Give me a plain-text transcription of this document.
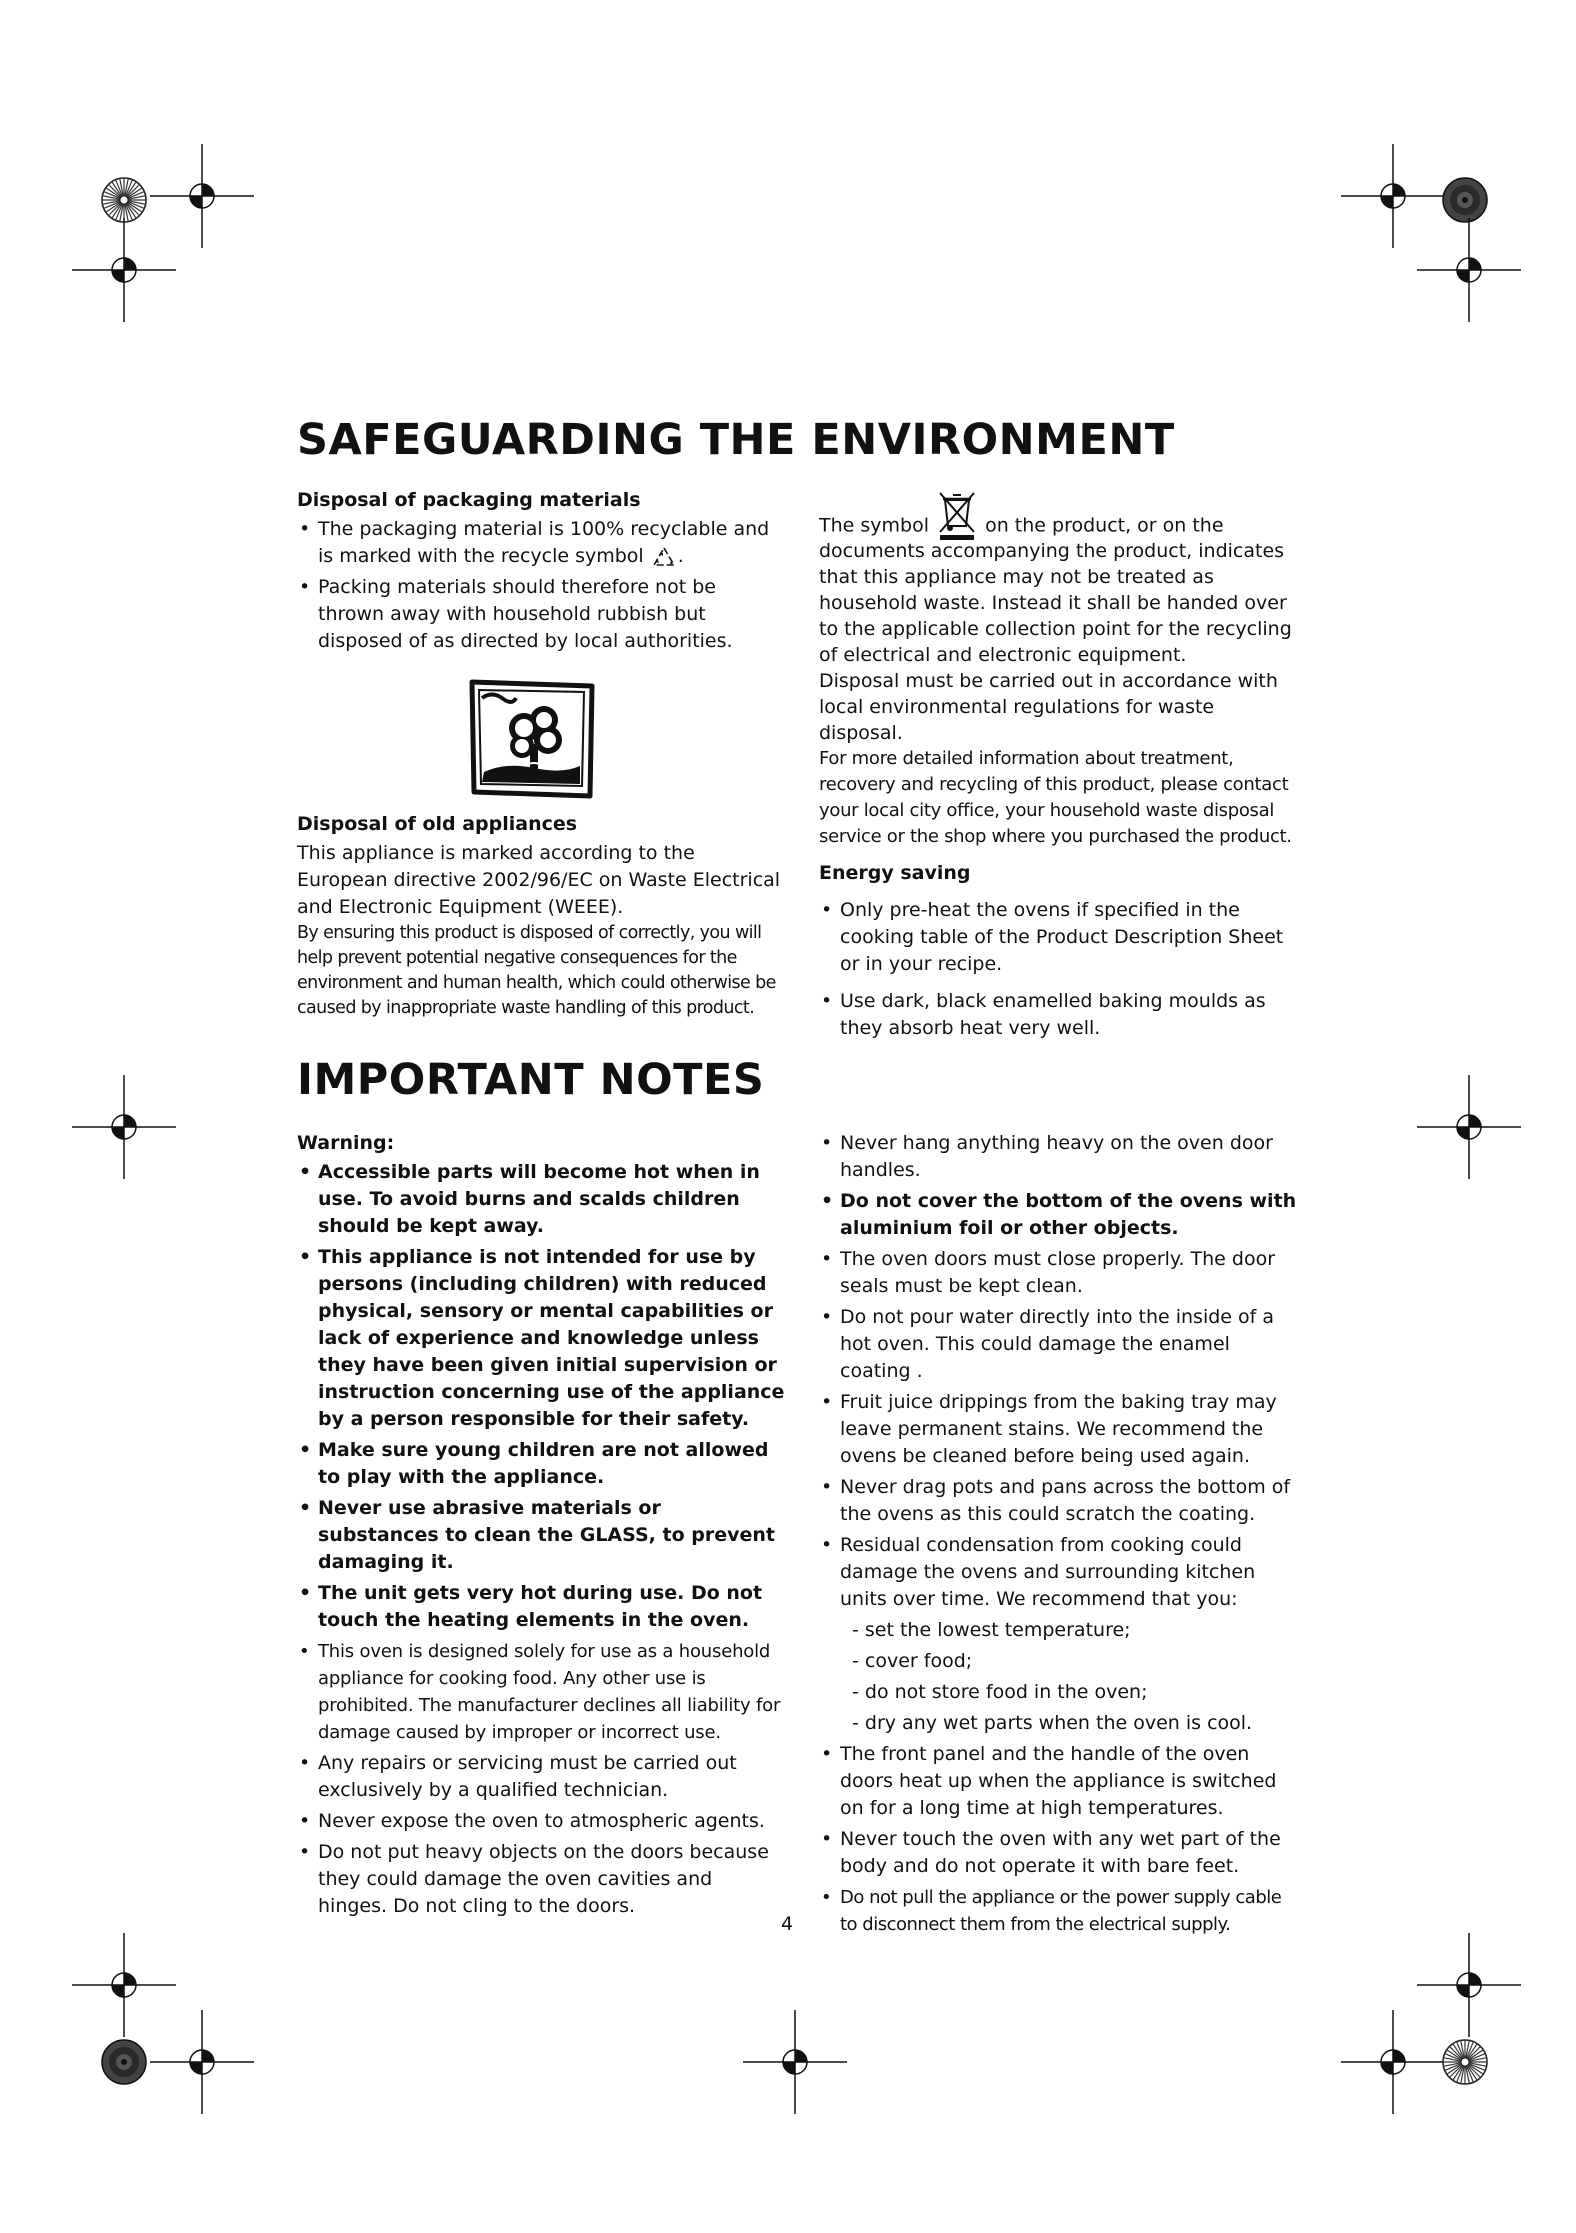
SAFEGUARDING THE ENVIRONMENT
Disposal of packaging materials
• The packaging material is 100% recyclable and is marked with the recycle symbol .
• Packing materials should therefore not be thrown away with household rubbish but disposed of as directed by local authorities.
Disposal of old appliances

This appliance is marked according to the European directive 2002/96/EC on Waste Electrical and Electronic Equipment (WEEE).

By ensuring this product is disposed of correctly, you will help prevent potential negative consequences for the environment and human health, which could otherwise be caused by inappropriate waste handling of this product.

The symbol	on the product, or on the

documents accompanying the product, indicates that this appliance may not be treated as household waste. Instead it shall be handed over to the applicable collection point for the recycling of electrical and electronic equipment.

Disposal must be carried out in accordance with local environmental regulations for waste disposal.

For more detailed information about treatment, recovery and recycling of this product, please contact your local city office, your household waste disposal service or the shop where you purchased the product.

Energy saving
• Only pre-heat the ovens if specified in the cooking table of the Product Description Sheet or in your recipe.
• Use dark, black enamelled baking moulds as they absorb heat very well.
IMPORTANT NOTES
Warning:
• Accessible parts will become hot when in use. To avoid burns and scalds children should be kept away.
• This appliance is not intended for use by persons (including children) with reduced physical, sensory or mental capabilities or lack of experience and knowledge unless they have been given initial supervision or instruction concerning use of the appliance by a person responsible for their safety.
• Make sure young children are not allowed to play with the appliance.
• Never use abrasive materials or substances to clean the GLASS, to prevent damaging it.
• The unit gets very hot during use. Do not touch the heating elements in the oven.
• This oven is designed solely for use as a household appliance for cooking food. Any other use is prohibited. The manufacturer declines all liability for damage caused by improper or incorrect use.
• Any repairs or servicing must be carried out exclusively by a qualified technician.
• Never expose the oven to atmospheric agents.
• Do not put heavy objects on the doors because they could damage the oven cavities and hinges. Do not cling to the doors.
• Never hang anything heavy on the oven door handles.
• Do not cover the bottom of the ovens with aluminium foil or other objects.
• The oven doors must close properly. The door seals must be kept clean.
• Do not pour water directly into the inside of a hot oven. This could damage the enamel coating .
• Fruit juice drippings from the baking tray may leave permanent stains. We recommend the ovens be cleaned before being used again.
• Never drag pots and pans across the bottom of the ovens as this could scratch the coating.
• Residual condensation from cooking could damage the ovens and surrounding kitchen units over time. We recommend that you:
- set the lowest temperature;
- cover food;
- do not store food in the oven;
- dry any wet parts when the oven is cool.
• The front panel and the handle of the oven doors heat up when the appliance is switched on for a long time at high temperatures.
• Never touch the oven with any wet part of the body and do not operate it with bare feet.
• Do not pull the appliance or the power supply cable to disconnect them from the electrical supply.
4
